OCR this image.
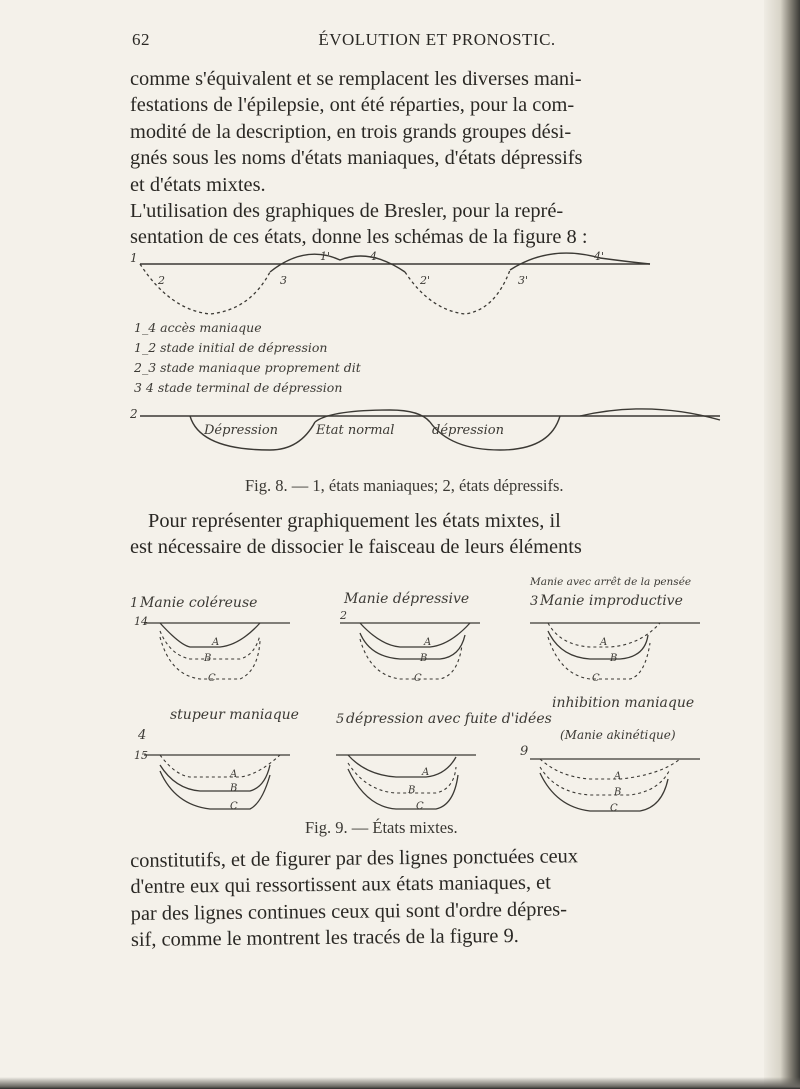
62	ÉVOLUTION ET PRONOSTIC.
comme s'équivalent et se remplacent les diverses mani-
festations de l'épilepsie, ont été réparties, pour la com-
modité de la description, en trois grands groupes dési-
gnés sous les noms d'états maniaques, d'états dépressifs
et d'états mixtes.
L'utilisation des graphiques de Bresler, pour la repré-
sentation de ces états, donne les schémas de la figure 8 :
1
2	3	2'	3'
4
1'	4'
1_4 accès maniaque
1_2 stade initial de dépression
2_3 stade maniaque proprement dit
3 4 stade terminal de dépression
2
Dépression	Etat normal	dépression
Fig. 8. — 1, états maniaques; 2, états dépressifs.
Pour représenter graphiquement les états mixtes, il
est nécessaire de dissocier le faisceau de leurs éléments
1 Manie coléreuse
14
A
B
C
Manie dépressive
2
A
B
C
Manie avec arrêt de la pensée
3 Manie improductive
A
B
C
stupeur maniaque
4
15
A
B
C
5 dépression avec fuite d'idées
A
B
C
inhibition maniaque
(Manie akinétique)
9
A
B
C
Fig. 9. — États mixtes.
constitutifs, et de figurer par des lignes ponctuées ceux
d'entre eux qui ressortissent aux états maniaques, et
par des lignes continues ceux qui sont d'ordre dépres-
sif, comme le montrent les tracés de la figure 9.
